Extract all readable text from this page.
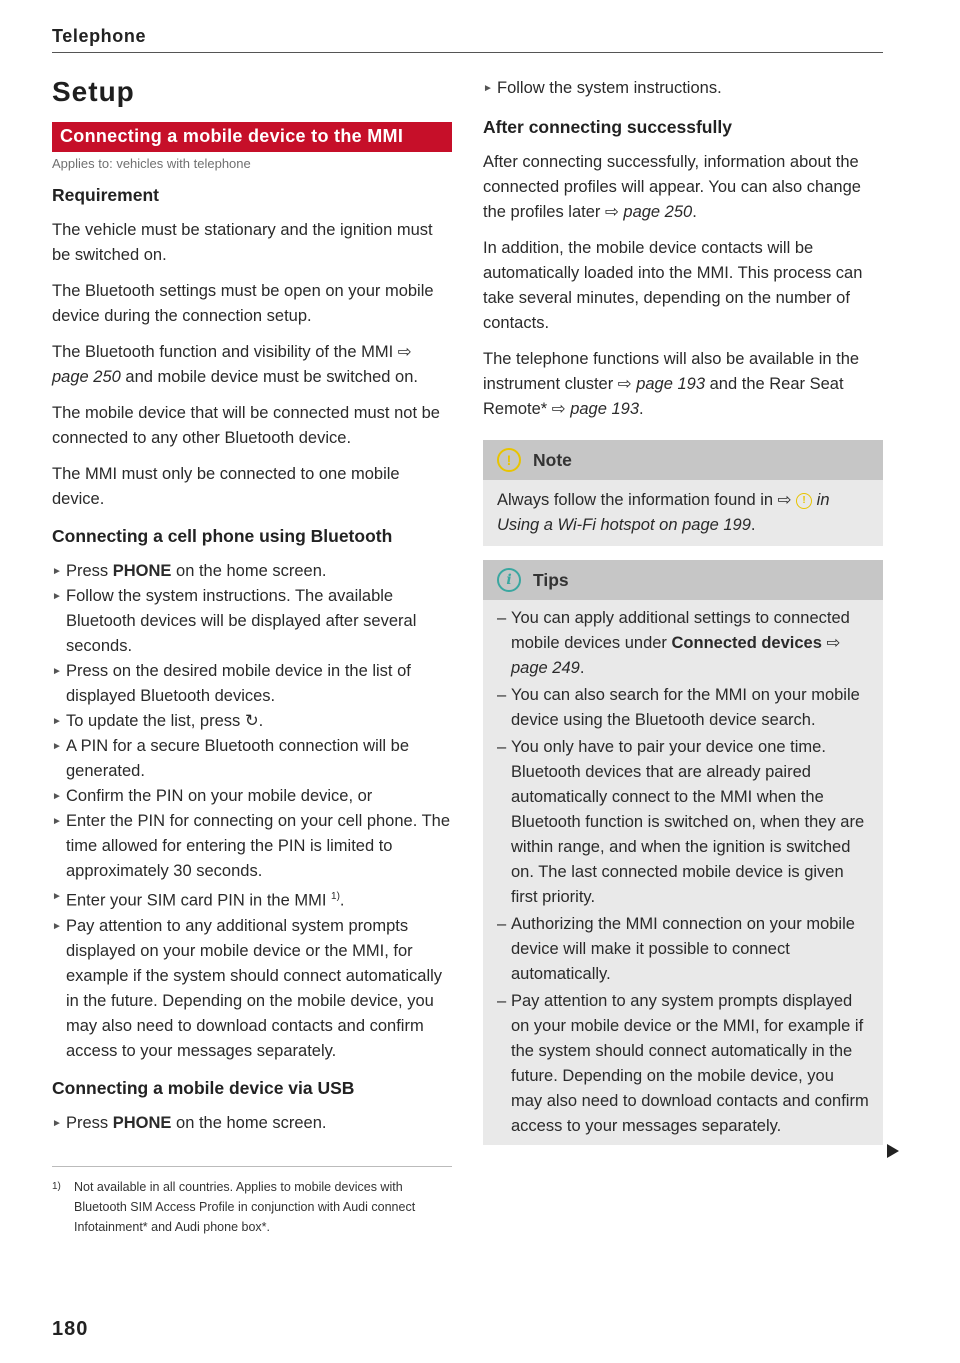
Telephone
Setup
Connecting a mobile device to the MMI
Applies to: vehicles with telephone
Requirement

The vehicle must be stationary and the ignition must be switched on.

The Bluetooth settings must be open on your mobile device during the connection setup.

The Bluetooth function and visibility of the MMI ⇨ page 250 and mobile device must be switched on.

The mobile device that will be connected must not be connected to any other Bluetooth device.

The MMI must only be connected to one mobile device.

Connecting a cell phone using Bluetooth
► Press PHONE on the home screen.
► Follow the system instructions. The available Bluetooth devices will be displayed after several seconds.
► Press on the desired mobile device in the list of displayed Bluetooth devices.
► To update the list, press ↻.
► A PIN for a secure Bluetooth connection will be generated.
► Confirm the PIN on your mobile device, or
► Enter the PIN for connecting on your cell phone. The time allowed for entering the PIN is limited to approximately 30 seconds.
► Enter your SIM card PIN in the MMI $^{1)}$.
► Pay attention to any additional system prompts displayed on your mobile device or the MMI, for example if the system should connect automatically in the future. Depending on the mobile device, you may also need to download contacts and confirm access to your messages separately.
Connecting a mobile device via USB
► Press PHONE on the home screen.
1)	Not available in all countries. Applies to mobile devices with Bluetooth SIM Access Profile in conjunction with Audi connect Infotainment* and Audi phone box*.
180
► Follow the system instructions.
After connecting successfully

After connecting successfully, information about the connected profiles will appear. You can also change the profiles later ⇨ page 250.

In addition, the mobile device contacts will be automatically loaded into the MMI. This process can take several minutes, depending on the number of contacts.

The telephone functions will also be available in the instrument cluster ⇨ page 193 and the Rear Seat Remote* ⇨ page 193.

!	Note
Always follow the information found in ⇨ ! in Using a Wi-Fi hotspot on page 199.
i	Tips
– You can apply additional settings to connected mobile devices under Connected devices ⇨ page 249.
– You can also search for the MMI on your mobile device using the Bluetooth device search.
– You only have to pair your device one time. Bluetooth devices that are already paired automatically connect to the MMI when the Bluetooth function is switched on, when they are within range, and when the ignition is switched on. The last connected mobile device is given first priority.
– Authorizing the MMI connection on your mobile device will make it possible to connect automatically.
– Pay attention to any system prompts displayed on your mobile device or the MMI, for example if the system should connect automatically in the future. Depending on the mobile device, you may also need to download contacts and confirm access to your messages separately.
